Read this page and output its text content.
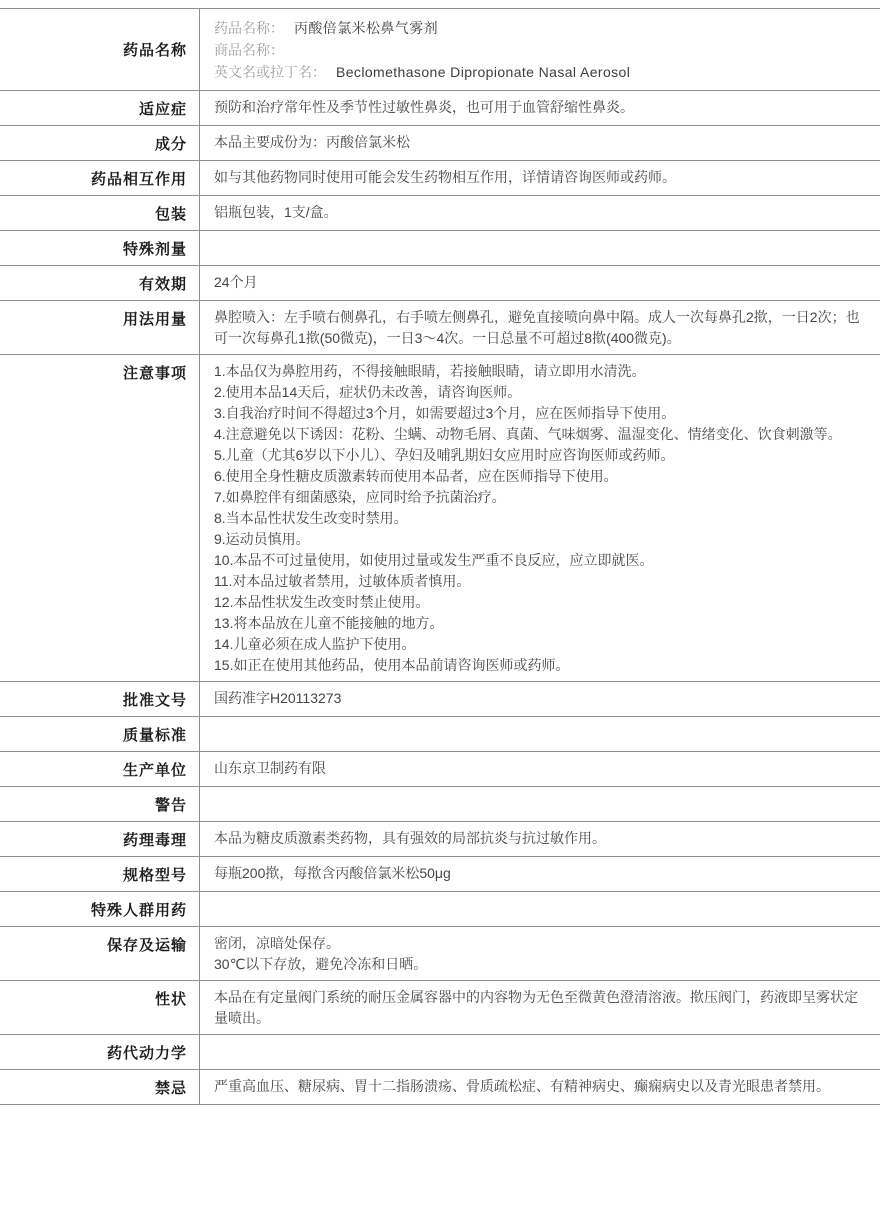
药品名称
药品名称： 丙酸倍氯米松鼻气雾剂
商品名称：
英文名或拉丁名： Beclomethasone Dipropionate Nasal Aerosol
适应症	预防和治疗常年性及季节性过敏性鼻炎，也可用于血管舒缩性鼻炎。
成分	本品主要成份为：丙酸倍氯米松
药品相互作用	如与其他药物同时使用可能会发生药物相互作用，详情请咨询医师或药师。
包装	铝瓶包装，1支/盒。
特殊剂量
有效期	24个月
用法用量	鼻腔喷入：左手喷右侧鼻孔，右手喷左侧鼻孔，避免直接喷向鼻中隔。成人一次每鼻孔2揿，一日2次；也可一次每鼻孔1揿(50微克)，一日3～4次。一日总量不可超过8揿(400微克)。
注意事项	1.本品仅为鼻腔用药，不得接触眼睛，若接触眼睛，请立即用水清洗。
2.使用本品14天后，症状仍未改善，请咨询医师。
3.自我治疗时间不得超过3个月，如需要超过3个月，应在医师指导下使用。
4.注意避免以下诱因：花粉、尘螨、动物毛屑、真菌、气味烟雾、温湿变化、情绪变化、饮食刺激等。
5.儿童（尤其6岁以下小儿）、孕妇及哺乳期妇女应用时应咨询医师或药师。
6.使用全身性糖皮质激素转而使用本品者，应在医师指导下使用。
7.如鼻腔伴有细菌感染，应同时给予抗菌治疗。
8.当本品性状发生改变时禁用。
9.运动员慎用。
10.本品不可过量使用，如使用过量或发生严重不良反应，应立即就医。
11.对本品过敏者禁用，过敏体质者慎用。
12.本品性状发生改变时禁止使用。
13.将本品放在儿童不能接触的地方。
14.儿童必须在成人监护下使用。
15.如正在使用其他药品，使用本品前请咨询医师或药师。
批准文号	国药准字H20113273
质量标准
生产单位	山东京卫制药有限
警告
药理毒理	本品为糖皮质激素类药物，具有强效的局部抗炎与抗过敏作用。
规格型号	每瓶200揿，每揿含丙酸倍氯米松50μg
特殊人群用药
保存及运输	密闭，凉暗处保存。
30℃以下存放，避免冷冻和日晒。
性状	本品在有定量阀门系统的耐压金属容器中的内容物为无色至微黄色澄清溶液。揿压阀门，药液即呈雾状定量喷出。
药代动力学
禁忌	严重高血压、糖尿病、胃十二指肠溃疡、骨质疏松症、有精神病史、癫痫病史以及青光眼患者禁用。
